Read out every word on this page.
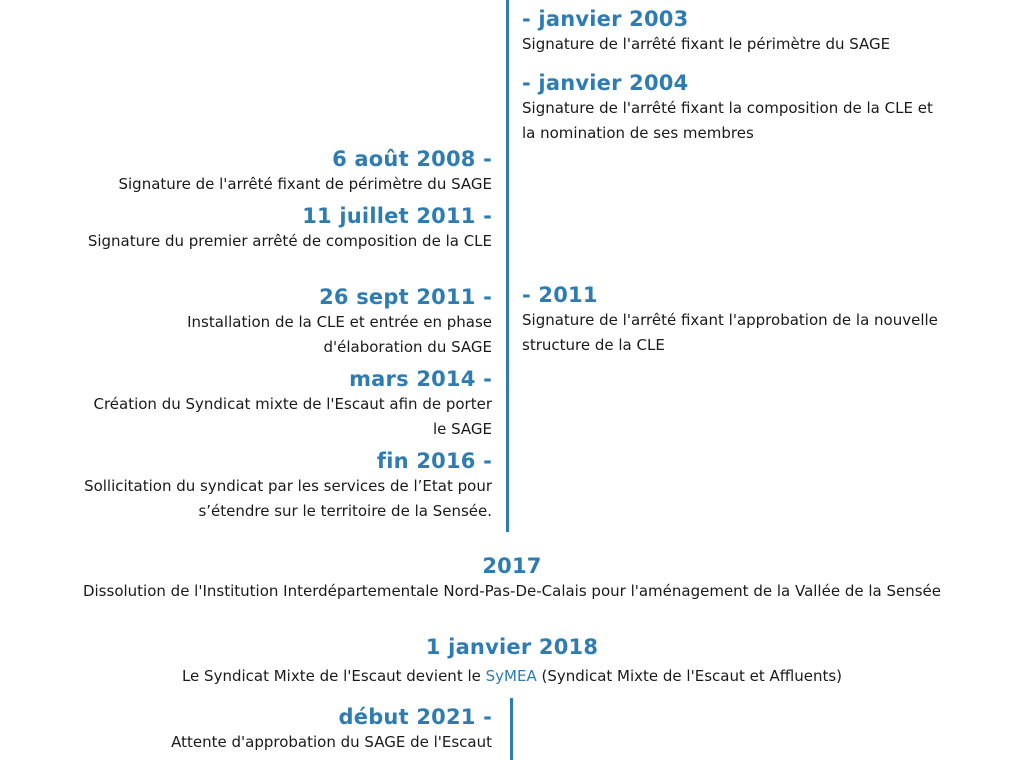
- janvier 2003
Signature de l'arrêté fixant le périmètre du SAGE
- janvier 2004
Signature de l'arrêté fixant la composition de la CLE et la nomination de ses membres
- 2011
Signature de l'arrêté fixant l'approbation de la nouvelle structure de la CLE
6 août 2008 -
Signature de l'arrêté fixant de périmètre du SAGE
11 juillet 2011 -
Signature du premier arrêté de composition de la CLE
26 sept 2011 -
Installation de la CLE et entrée en phase d'élaboration du SAGE
mars 2014 -
Création du Syndicat mixte de l'Escaut afin de porter le SAGE
fin 2016 -
Sollicitation du syndicat par les services de l’Etat pour s’étendre sur le territoire de la Sensée.
2017
Dissolution de l'Institution Interdépartementale Nord-Pas-De-Calais pour l'aménagement de la Vallée de la Sensée
1 janvier 2018
Le Syndicat Mixte de l'Escaut devient le SyMEA (Syndicat Mixte de l'Escaut et Affluents)
début 2021 -
Attente d'approbation du SAGE de l'Escaut
